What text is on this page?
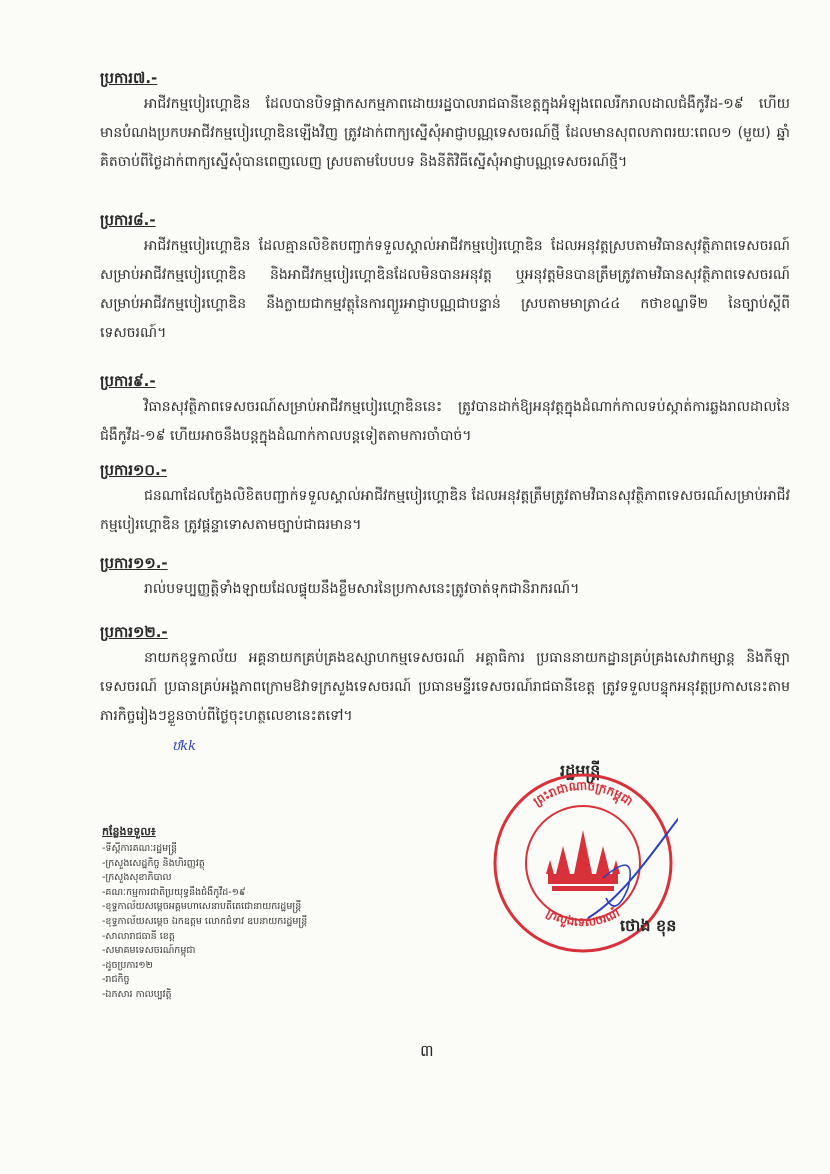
ប្រការ៧.-

អាជីវកម្មបៀរហ្គោឌិន ដែលបានបិទផ្អាកសកម្មភាពដោយរដ្ឋបាលរាជធានីខេត្តក្នុងអំឡុងពេលរីករាលដាលជំងឺកូវីដ-១៩ ហើយមានបំណងប្រកបអាជីវកម្មបៀរហ្គោឌិនឡើងវិញ ត្រូវដាក់ពាក្យស្នើសុំអាជ្ញាបណ្ណទេសចរណ៍ថ្មី ដែលមានសុពលភាពរយៈពេល១ (មួយ) ឆ្នាំ គិតចាប់ពីថ្ងៃដាក់ពាក្យស្នើសុំបានពេញលេញ ស្របតាមបែបបទ និងនីតិវិធីស្នើសុំអាជ្ញាបណ្ណទេសចរណ៍ថ្មី។

ប្រការ៨.-

អាជីវកម្មបៀរហ្គោឌិន ដែលគ្មានលិខិតបញ្ជាក់ទទួលស្គាល់អាជីវកម្មបៀរហ្គោឌិន ដែលអនុវត្តស្របតាមវិធានសុវត្ថិភាពទេសចរណ៍សម្រាប់អាជីវកម្មបៀរហ្គោឌិន និងអាជីវកម្មបៀរហ្គោឌិនដែលមិនបានអនុវត្ត ឬអនុវត្តមិនបានត្រឹមត្រូវតាមវិធានសុវត្ថិភាពទេសចរណ៍សម្រាប់អាជីវកម្មបៀរហ្គោឌិន នឹងក្លាយជាកម្មវត្ថុនៃការព្យួរអាជ្ញាបណ្ណជាបន្ទាន់ ស្របតាមមាត្រា៤៤ កថាខណ្ឌទី២ នៃច្បាប់ស្តីពីទេសចរណ៍។

ប្រការ៩.-

វិធានសុវត្ថិភាពទេសចរណ៍សម្រាប់អាជីវកម្មបៀរហ្គោឌិននេះ ត្រូវបានដាក់ឱ្យអនុវត្តក្នុងដំណាក់កាលទប់ស្កាត់ការឆ្លងរាលដាលនៃជំងឺកូវីដ-១៩ ហើយអាចនឹងបន្តក្នុងដំណាក់កាលបន្តទៀតតាមការចាំបាច់។

ប្រការ១០.-

ជនណាដែលក្លែងលិខិតបញ្ជាក់ទទួលស្គាល់អាជីវកម្មបៀរហ្គោឌិន ដែលអនុវត្តត្រឹមត្រូវតាមវិធានសុវត្ថិភាពទេសចរណ៍សម្រាប់អាជីវកម្មបៀរហ្គោឌិន ត្រូវផ្តន្ទាទោសតាមច្បាប់ជាធរមាន។

ប្រការ១១.-

រាល់បទប្បញ្ញត្តិទាំងឡាយដែលផ្ទុយនឹងខ្លឹមសារនៃប្រកាសនេះត្រូវចាត់ទុកជានិរាករណ៍។

ប្រការ១២.-

នាយកខុទ្ទកាល័យ អគ្គនាយកគ្រប់គ្រងឧស្សាហកម្មទេសចរណ៍ អគ្គាធិការ ប្រធាននាយកដ្ឋានគ្រប់គ្រងសេវាកម្សាន្ត និងកីឡាទេសចរណ៍ ប្រធានគ្រប់អង្គភាពក្រោមឱវាទក្រសួងទេសចរណ៍ ប្រធានមន្ទីរទេសចរណ៍រាជធានីខេត្ត ត្រូវទទួលបន្ទុកអនុវត្តប្រកាសនេះតាមភារកិច្ចរៀងៗខ្លួនចាប់ពីថ្ងៃចុះហត្ថលេខានេះតទៅ។

ឋkk
រដ្ឋមន្ត្រី
ព្រះរាជាណាចក្រកម្ពុជា
ក្រសួងទេសចរណ៍
ថោង ខុន
កន្លែងទទួល៖
-ទីស្តីការគណៈរដ្ឋមន្ត្រី
-ក្រសួងសេដ្ឋកិច្ច និងហិរញ្ញវត្ថុ
-ក្រសួងសុខាភិបាល
-គណៈកម្មការជាតិប្រយុទ្ធនឹងជំងឺកូវីដ-១៩
-ខុទ្ទកាល័យសម្តេចអគ្គមហាសេនាបតីតេជោនាយករដ្ឋមន្ត្រី
-ខុទ្ទកាល័យសម្តេច ឯកឧត្តម លោកជំទាវ ឧបនាយករដ្ឋមន្ត្រី
-សាលារាជធានី ខេត្ត
-សមាគមទេសចរណ៍កម្ពុជា
-ដូចប្រការ១២
-រាជកិច្ច
-ឯកសារ កាលប្បវត្តិ
៣
